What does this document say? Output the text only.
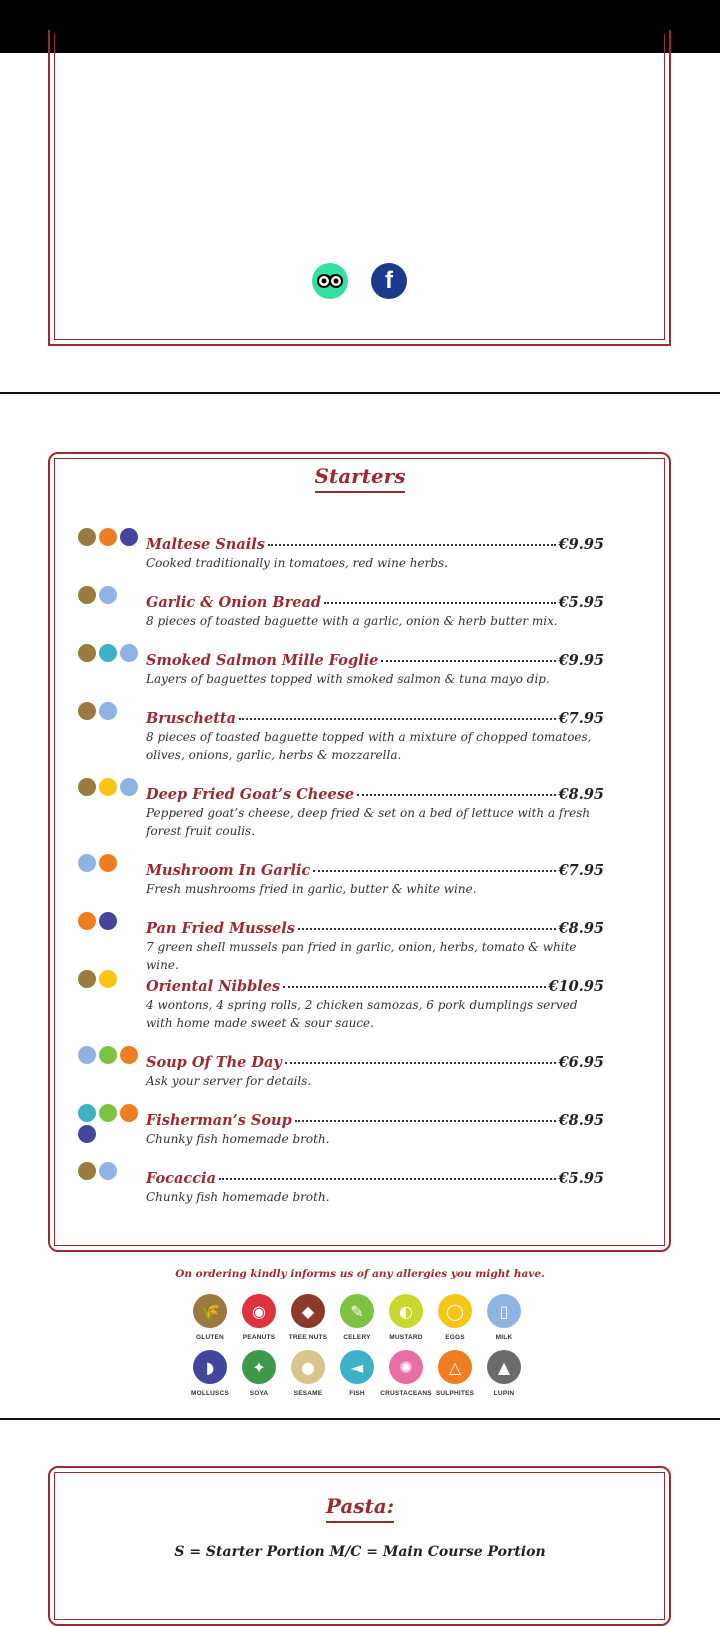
f
Starters
Maltese Snails	€9.95
Cooked traditionally in tomatoes, red wine herbs.
Garlic & Onion Bread	€5.95
8 pieces of toasted baguette with a garlic, onion & herb butter mix.
Smoked Salmon Mille Foglie	€9.95
Layers of baguettes topped with smoked salmon & tuna mayo dip.
Bruschetta	€7.95
8 pieces of toasted baguette topped with a mixture of chopped tomatoes, olives, onions, garlic, herbs & mozzarella.
Deep Fried Goat’s Cheese	€8.95
Peppered goat’s cheese, deep fried & set on a bed of lettuce with a fresh forest fruit coulis.
Mushroom In Garlic	€7.95
Fresh mushrooms fried in garlic, butter & white wine.
Pan Fried Mussels	€8.95
7 green shell mussels pan fried in garlic, onion, herbs, tomato & white wine.
Oriental Nibbles	€10.95
4 wontons, 4 spring rolls, 2 chicken samozas, 6 pork dumplings served with home made sweet & sour sauce.
Soup Of The Day	€6.95
Ask your server for details.
Fisherman’s Soup	€8.95
Chunky fish homemade broth.
Focaccia	€5.95
Chunky fish homemade broth.
On ordering kindly informs us of any allergies you might have.
🌾
GLUTEN
◉
PEANUTS
◆
TREE NUTS
✎
CELERY
◐
MUSTARD
◯
EGGS
▯
MILK
◗
MOLLUSCS
✦
SOYA
●
SESAME
◄
FISH
✺
CRUSTACEANS
△
SULPHITES
▲
LUPIN
Pasta:
S = Starter Portion M/C = Main Course Portion
